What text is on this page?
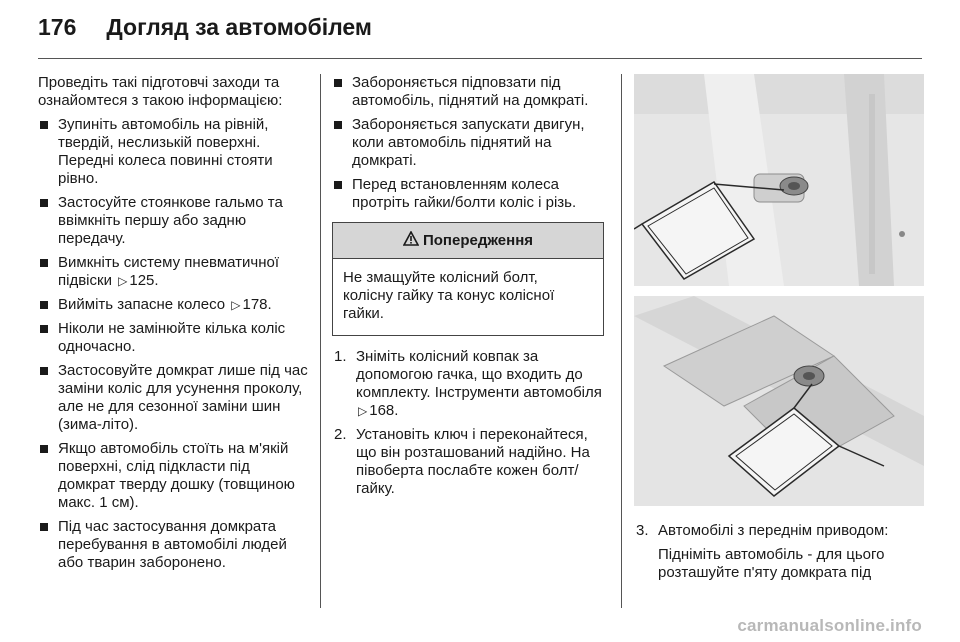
176 Догляд за автомобілем

Проведіть такі підготовчі заходи та ознайомтеся з такою інформацією:

Зупиніть автомобіль на рівній, твердій, неслизькій поверхні. Передні колеса повинні стояти рівно.
Застосуйте стоянкове гальмо та ввімкніть першу або задню передачу.
Вимкніть систему пневматичної підвіски ▷ 125.
Вийміть запасне колесо ▷ 178.
Ніколи не замінюйте кілька коліс одночасно.
Застосовуйте домкрат лише під час заміни коліс для усунення проколу, але не для сезонної заміни шин (зима-літо).
Якщо автомобіль стоїть на м'якій поверхні, слід підкласти під домкрат тверду дошку (товщиною макс. 1 см).
Під час застосування домкрата перебування в автомобілі людей або тварин заборонено.
Забороняється підповзати під автомобіль, піднятий на домкраті.
Забороняється запускати двигун, коли автомобіль піднятий на домкраті.
Перед встановленням колеса протріть гайки/болти коліс і різь.
Попередження
Не змащуйте колісний болт, колісну гайку та конус колісної гайки.
1. Зніміть колісний ковпак за допомогою гачка, що входить до комплекту. Інструменти автомобіля ▷ 168.
2. Установіть ключ і переконайтеся, що він розташований надійно. На півоберта послабте кожен болт/гайку.
3. Автомобілі з переднім приводом:
Підніміть автомобіль - для цього розташуйте п'яту домкрата під
carmanualsonline.info
